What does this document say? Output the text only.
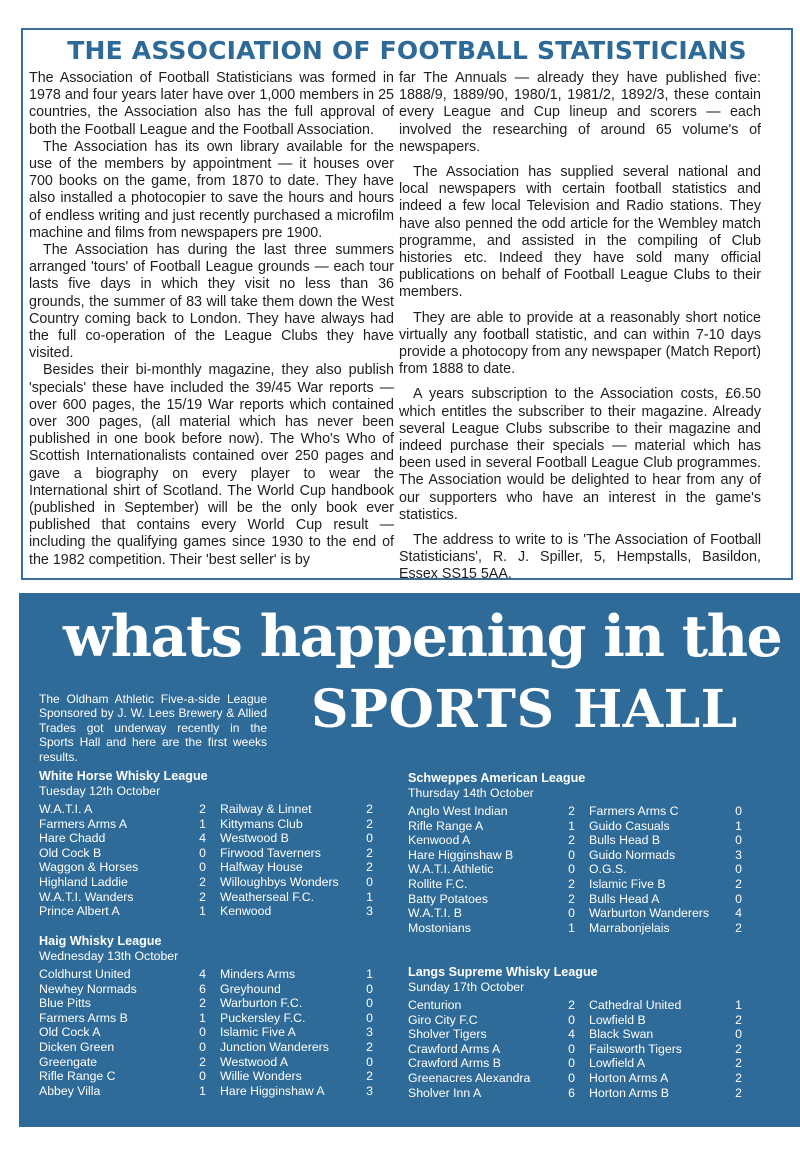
THE ASSOCIATION OF FOOTBALL STATISTICIANS

The Association of Football Statisticians was formed in 1978 and four years later have over 1,000 members in 25 countries, the Association also has the full approval of both the Football League and the Football Association.

The Association has its own library available for the use of the members by appointment — it houses over 700 books on the game, from 1870 to date. They have also installed a photocopier to save the hours and hours of endless writing and just recently purchased a microfilm machine and films from newspapers pre 1900.

The Association has during the last three summers arranged 'tours' of Football League grounds — each tour lasts five days in which they visit no less than 36 grounds, the summer of 83 will take them down the West Country coming back to London. They have always had the full co-operation of the League Clubs they have visited.

Besides their bi-monthly magazine, they also publish 'specials' these have included the 39/45 War reports — over 600 pages, the 15/19 War reports which contained over 300 pages, (all material which has never been published in one book before now). The Who's Who of Scottish Internationalists contained over 250 pages and gave a biography on every player to wear the International shirt of Scotland. The World Cup handbook (published in September) will be the only book ever published that contains every World Cup result — including the qualifying games since 1930 to the end of the 1982 competition. Their 'best seller' is by

far The Annuals — already they have published five: 1888/9, 1889/90, 1980/1, 1981/2, 1892/3, these contain every League and Cup lineup and scorers — each involved the researching of around 65 volume's of newspapers.

The Association has supplied several national and local newspapers with certain football statistics and indeed a few local Television and Radio stations. They have also penned the odd article for the Wembley match programme, and assisted in the compiling of Club histories etc. Indeed they have sold many official publications on behalf of Football League Clubs to their members.

They are able to provide at a reasonably short notice virtually any football statistic, and can within 7-10 days provide a photocopy from any newspaper (Match Report) from 1888 to date.

A years subscription to the Association costs, £6.50 which entitles the subscriber to their magazine. Already several League Clubs subscribe to their magazine and indeed purchase their specials — material which has been used in several Football League Club programmes. The Association would be delighted to hear from any of our supporters who have an interest in the game's statistics.

The address to write to is 'The Association of Football Statisticians', R. J. Spiller, 5, Hempstalls, Basildon, Essex SS15 5AA.

whats happening in the
SPORTS HALL

The Oldham Athletic Five-a-side League Sponsored by J. W. Lees Brewery & Allied Trades got underway recently in the Sports Hall and here are the first weeks results.

White Horse Whisky League
Tuesday 12th October
W.A.T.I. A	2 Railway & Linnet	2
Farmers Arms A	1 Kittymans Club	2
Hare Chadd	4 Westwood B	0
Old Cock B	0 Firwood Taverners	2
Waggon & Horses	0 Halfway House	2
Highland Laddie	2 Willoughbys Wonders	0
W.A.T.I. Wanders	2 Weatherseal F.C.	1
Prince Albert A	1 Kenwood	3
Haig Whisky League
Wednesday 13th October
Coldhurst United	4 Minders Arms	1
Newhey Normads	6 Greyhound	0
Blue Pitts	2 Warburton F.C.	0
Farmers Arms B	1 Puckersley F.C.	0
Old Cock A	0 Islamic Five A	3
Dicken Green	0 Junction Wanderers	2
Greengate	2 Westwood A	0
Rifle Range C	0 Willie Wonders	2
Abbey Villa	1 Hare Higginshaw A	3
Schweppes American League
Thursday 14th October
Anglo West Indian	2 Farmers Arms C	0
Rifle Range A	1 Guido Casuals	1
Kenwood A	2 Bulls Head B	0
Hare Higginshaw B	0 Guido Normads	3
W.A.T.I. Athletic	0 O.G.S.	0
Rollite F.C.	2 Islamic Five B	2
Batty Potatoes	2 Bulls Head A	0
W.A.T.I. B	0 Warburton Wanderers	4
Mostonians	1 Marrabonjelais	2
Langs Supreme Whisky League
Sunday 17th October
Centurion	2 Cathedral United	1
Giro City F.C	0 Lowfield B	2
Sholver Tigers	4 Black Swan	0
Crawford Arms A	0 Failsworth Tigers	2
Crawford Arms B	0 Lowfield A	2
Greenacres Alexandra	0 Horton Arms A	2
Sholver Inn A	6 Horton Arms B	2
